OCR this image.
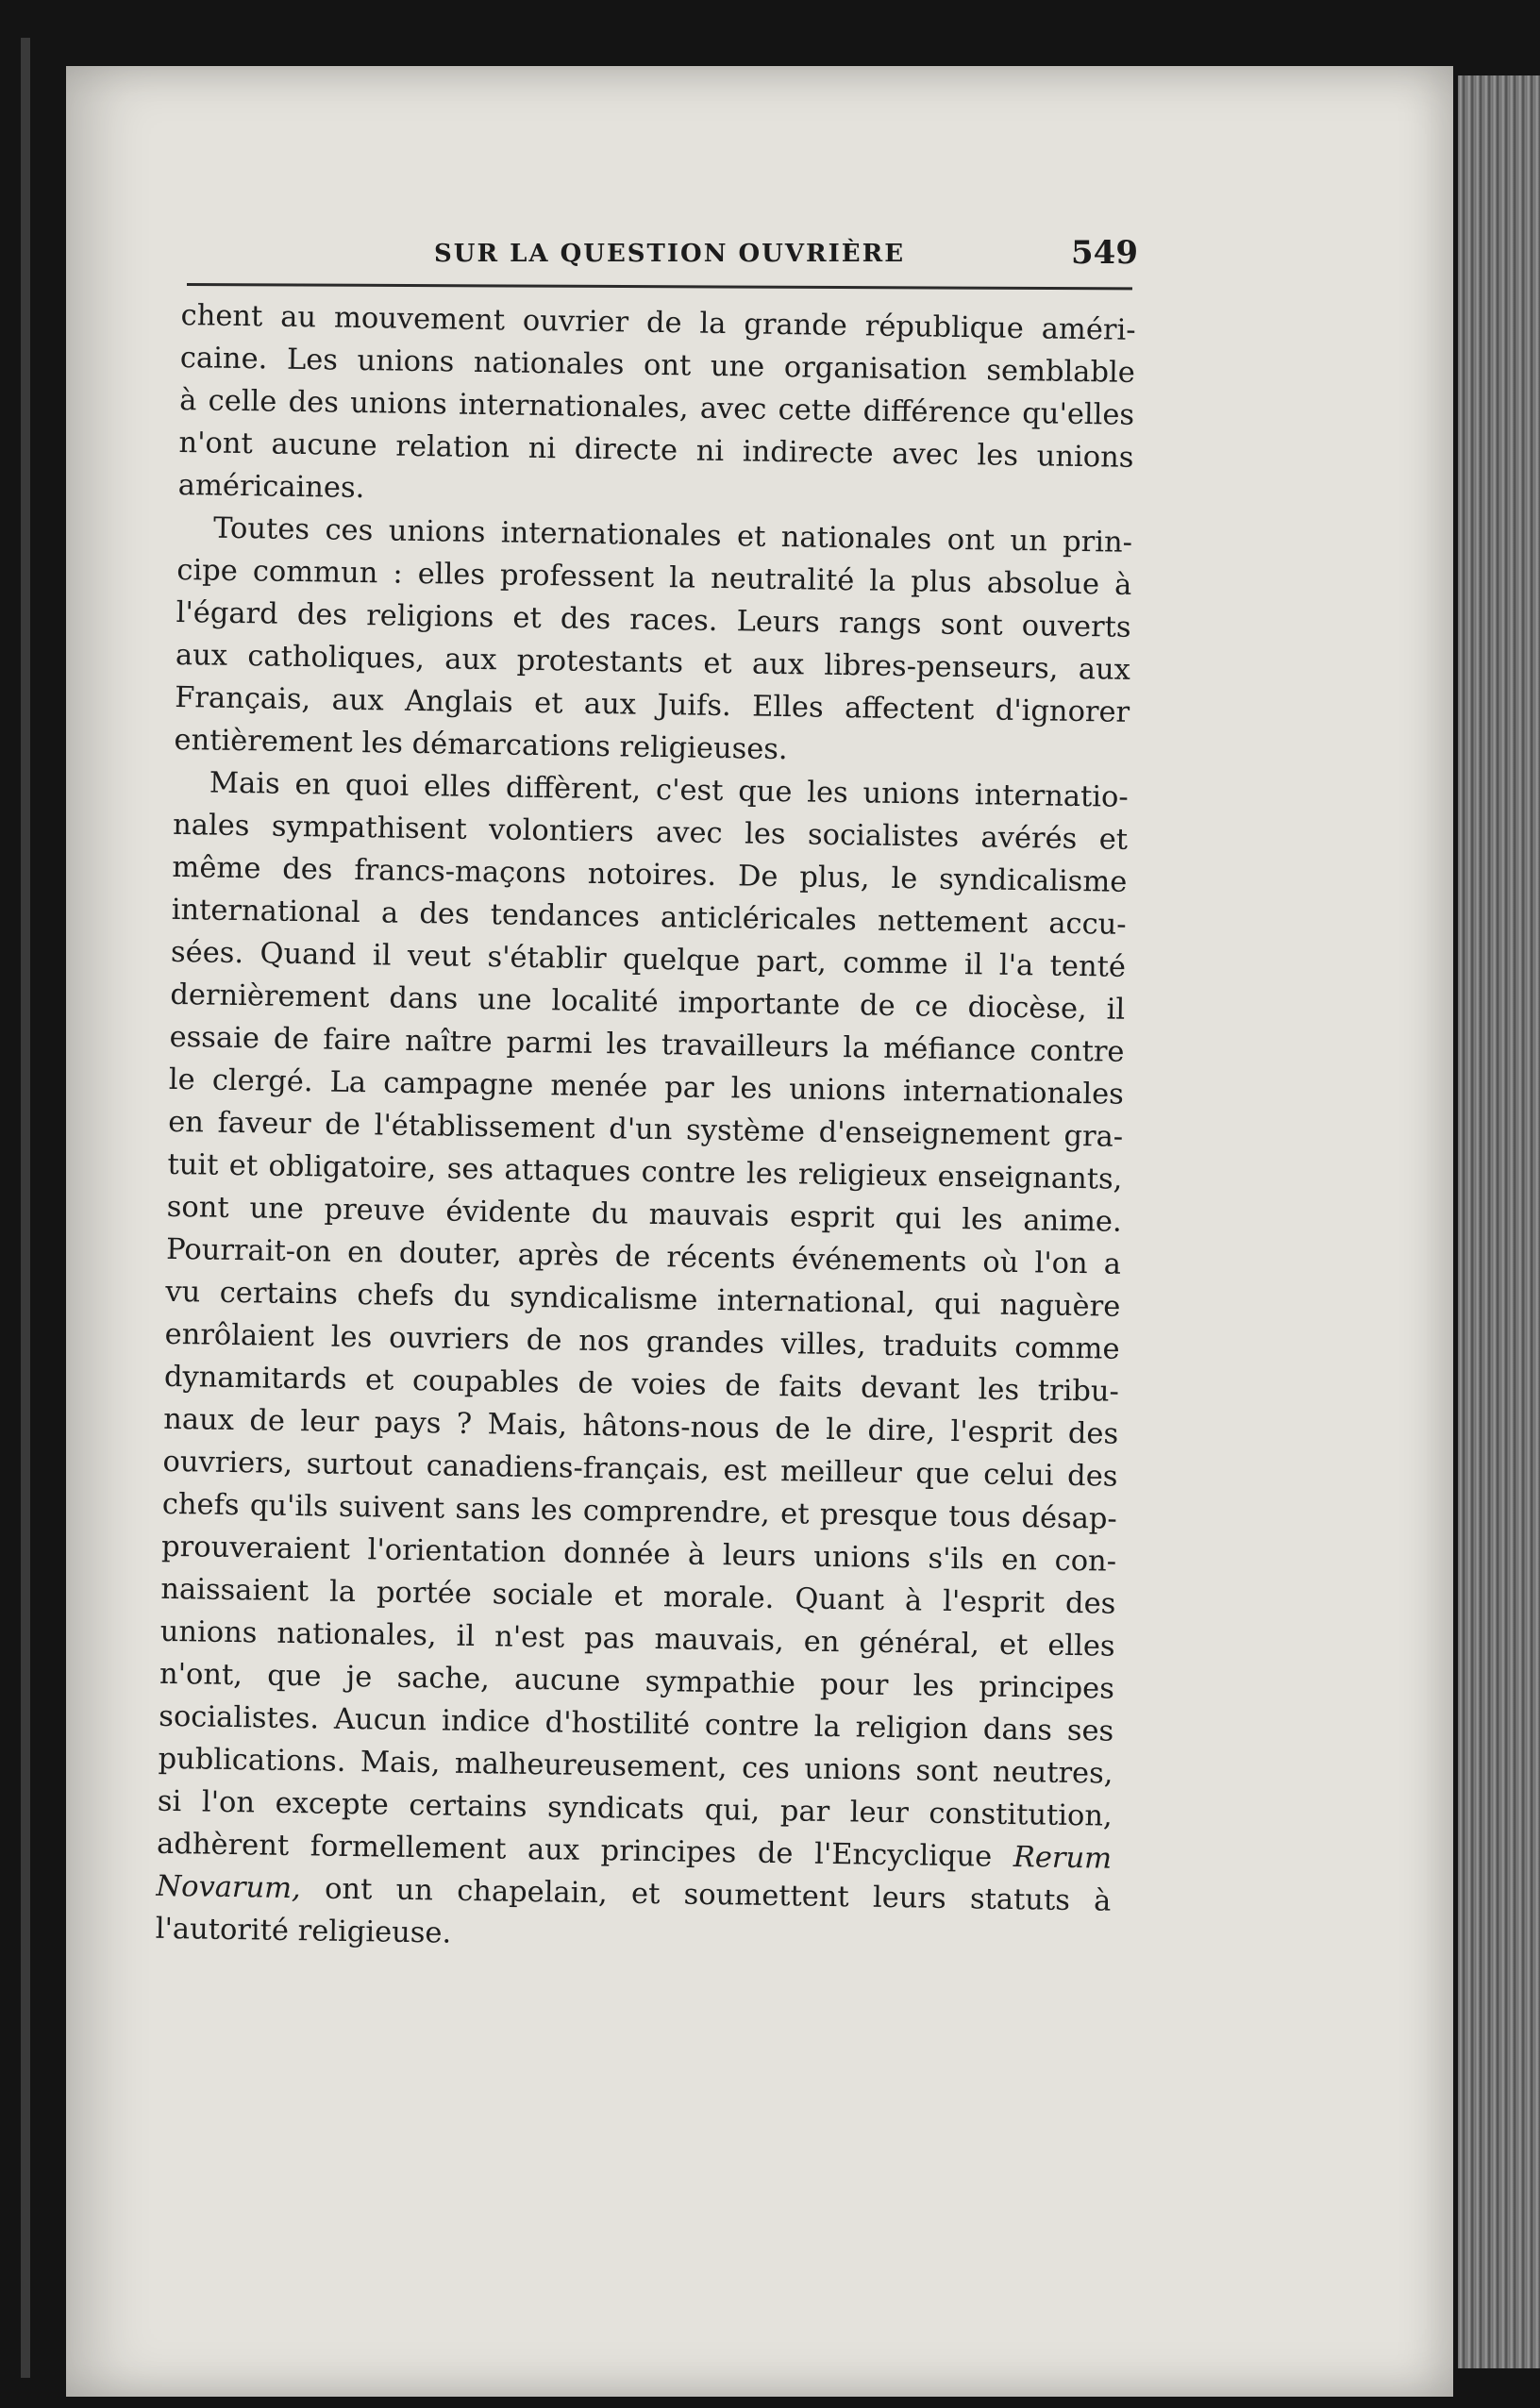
SUR LA QUESTION OUVRIÈRE	549
chent au mouvement ouvrier de la grande république améri-
caine. Les unions nationales ont une organisation semblable
à celle des unions internationales, avec cette différence qu'elles
n'ont aucune relation ni directe ni indirecte avec les unions
américaines.
Toutes ces unions internationales et nationales ont un prin-
cipe commun : elles professent la neutralité la plus absolue à
l'égard des religions et des races. Leurs rangs sont ouverts
aux catholiques, aux protestants et aux libres-penseurs, aux
Français, aux Anglais et aux Juifs. Elles affectent d'ignorer
entièrement les démarcations religieuses.
Mais en quoi elles diffèrent, c'est que les unions internatio-
nales sympathisent volontiers avec les socialistes avérés et
même des francs-maçons notoires. De plus, le syndicalisme
international a des tendances anticléricales nettement accu-
sées. Quand il veut s'établir quelque part, comme il l'a tenté
dernièrement dans une localité importante de ce diocèse, il
essaie de faire naître parmi les travailleurs la méfiance contre
le clergé. La campagne menée par les unions internationales
en faveur de l'établissement d'un système d'enseignement gra-
tuit et obligatoire, ses attaques contre les religieux enseignants,
sont une preuve évidente du mauvais esprit qui les anime.
Pourrait-on en douter, après de récents événements où l'on a
vu certains chefs du syndicalisme international, qui naguère
enrôlaient les ouvriers de nos grandes villes, traduits comme
dynamitards et coupables de voies de faits devant les tribu-
naux de leur pays ? Mais, hâtons-nous de le dire, l'esprit des
ouvriers, surtout canadiens-français, est meilleur que celui des
chefs qu'ils suivent sans les comprendre, et presque tous désap-
prouveraient l'orientation donnée à leurs unions s'ils en con-
naissaient la portée sociale et morale. Quant à l'esprit des
unions nationales, il n'est pas mauvais, en général, et elles
n'ont, que je sache, aucune sympathie pour les principes
socialistes. Aucun indice d'hostilité contre la religion dans ses
publications. Mais, malheureusement, ces unions sont neutres,
si l'on excepte certains syndicats qui, par leur constitution,
adhèrent formellement aux principes de l'Encyclique Rerum
Novarum, ont un chapelain, et soumettent leurs statuts à
l'autorité religieuse.
